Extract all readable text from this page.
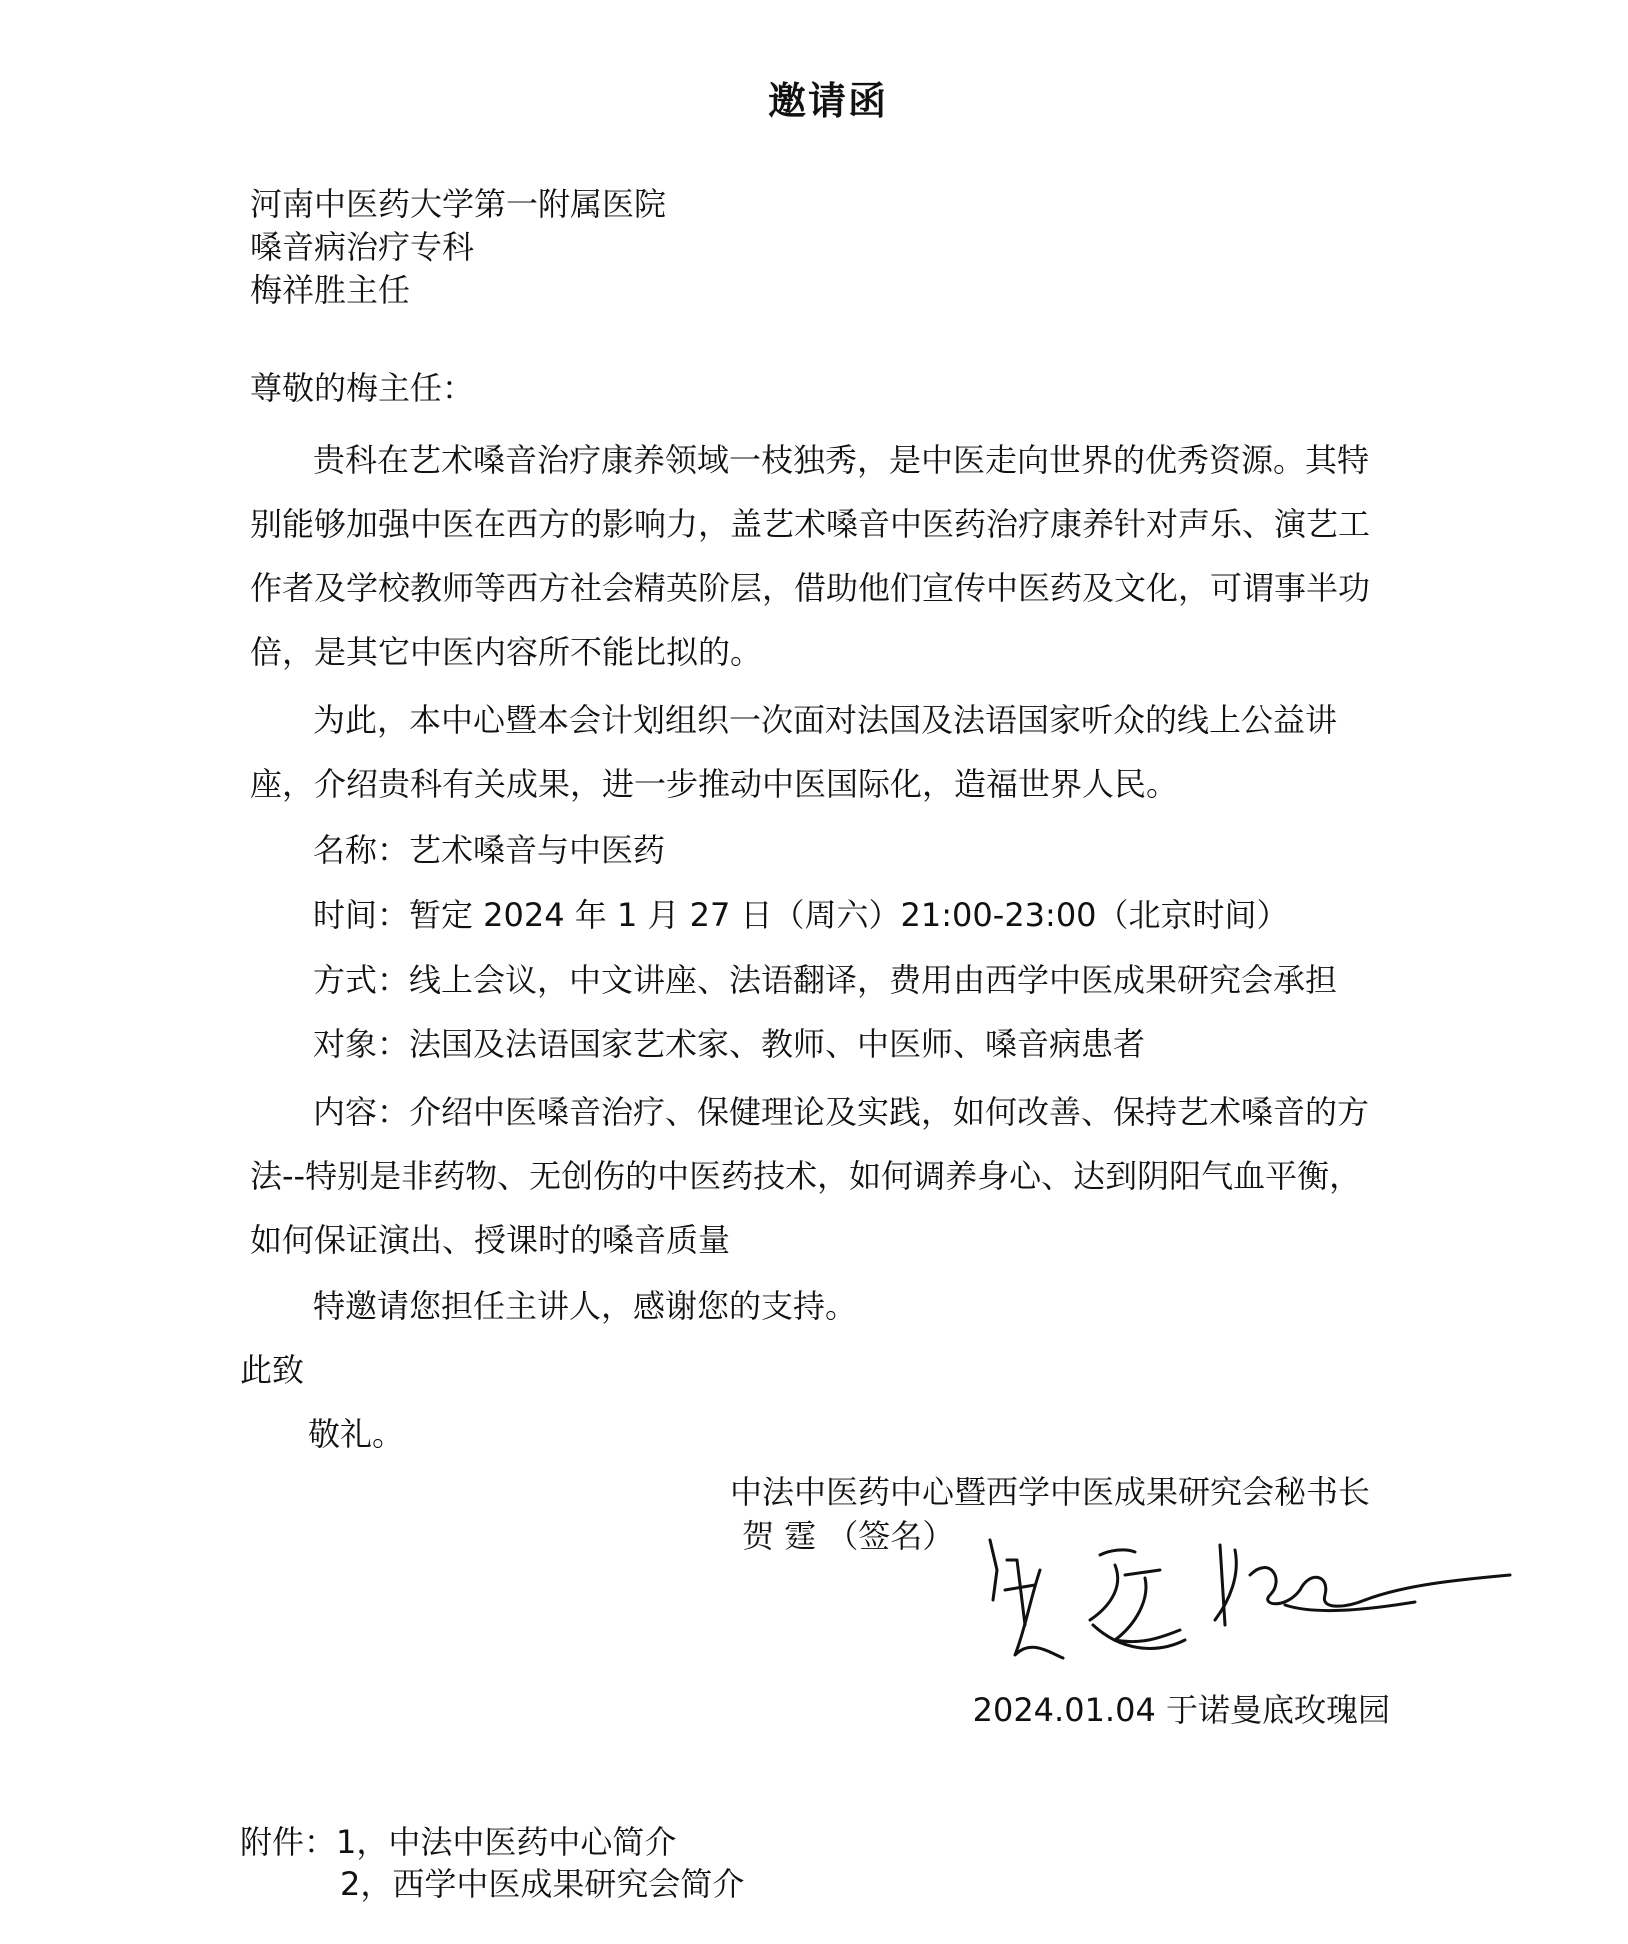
邀请函
河南中医药大学第一附属医院
嗓音病治疗专科
梅祥胜主任
尊敬的梅主任：
贵科在艺术嗓音治疗康养领域一枝独秀，是中医走向世界的优秀资源。其特
别能够加强中医在西方的影响力，盖艺术嗓音中医药治疗康养针对声乐、演艺工
作者及学校教师等西方社会精英阶层，借助他们宣传中医药及文化，可谓事半功
倍，是其它中医内容所不能比拟的。
为此，本中心暨本会计划组织一次面对法国及法语国家听众的线上公益讲
座，介绍贵科有关成果，进一步推动中医国际化，造福世界人民。
名称：艺术嗓音与中医药
时间：暂定 2024 年 1 月 27 日（周六）21:00-23:00（北京时间）
方式：线上会议，中文讲座、法语翻译，费用由西学中医成果研究会承担
对象：法国及法语国家艺术家、教师、中医师、嗓音病患者
内容：介绍中医嗓音治疗、保健理论及实践，如何改善、保持艺术嗓音的方
法--特别是非药物、无创伤的中医药技术，如何调养身心、达到阴阳气血平衡，
如何保证演出、授课时的嗓音质量
特邀请您担任主讲人，感谢您的支持。
此致
敬礼。
中法中医药中心暨西学中医成果研究会秘书长
贺 霆 （签名）
2024.01.04 于诺曼底玫瑰园
附件：1，中法中医药中心简介
2，西学中医成果研究会简介
